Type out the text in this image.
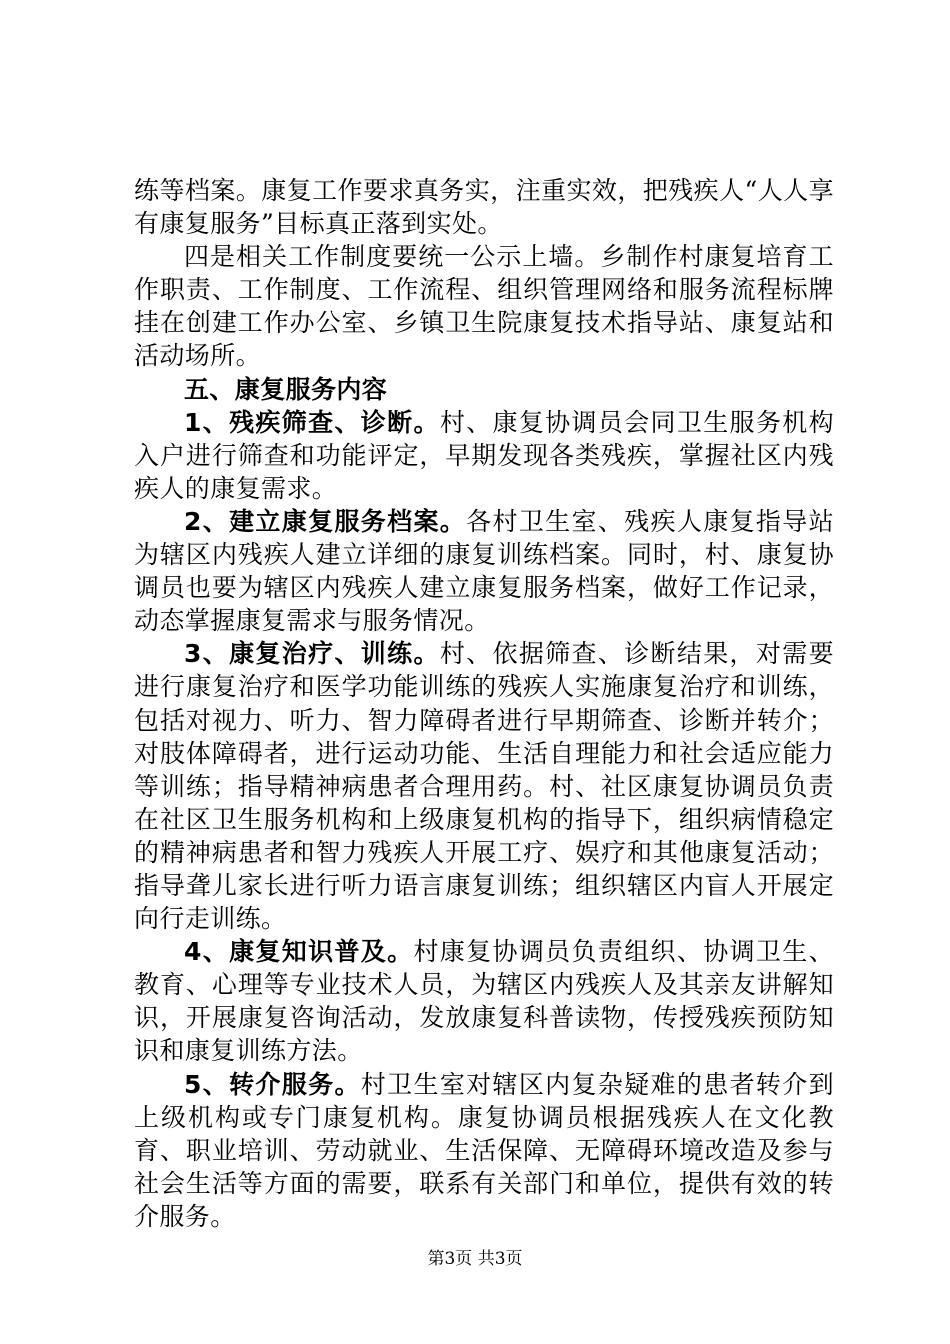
练等档案。康复工作要求真务实，注重实效，把残疾人“人人享有康复服务”目标真正落到实处。

四是相关工作制度要统一公示上墙。乡制作村康复培育工作职责、工作制度、工作流程、组织管理网络和服务流程标牌挂在创建工作办公室、乡镇卫生院康复技术指导站、康复站和活动场所。

五、康复服务内容

1、残疾筛查、诊断。村、康复协调员会同卫生服务机构入户进行筛查和功能评定，早期发现各类残疾，掌握社区内残疾人的康复需求。

2、建立康复服务档案。各村卫生室、残疾人康复指导站为辖区内残疾人建立详细的康复训练档案。同时，村、康复协调员也要为辖区内残疾人建立康复服务档案，做好工作记录，动态掌握康复需求与服务情况。

3、康复治疗、训练。村、依据筛查、诊断结果，对需要进行康复治疗和医学功能训练的残疾人实施康复治疗和训练，包括对视力、听力、智力障碍者进行早期筛查、诊断并转介；对肢体障碍者，进行运动功能、生活自理能力和社会适应能力等训练；指导精神病患者合理用药。村、社区康复协调员负责在社区卫生服务机构和上级康复机构的指导下，组织病情稳定的精神病患者和智力残疾人开展工疗、娱疗和其他康复活动；指导聋儿家长进行听力语言康复训练；组织辖区内盲人开展定向行走训练。

4、康复知识普及。村康复协调员负责组织、协调卫生、教育、心理等专业技术人员，为辖区内残疾人及其亲友讲解知识，开展康复咨询活动，发放康复科普读物，传授残疾预防知识和康复训练方法。

5、转介服务。村卫生室对辖区内复杂疑难的患者转介到上级机构或专门康复机构。康复协调员根据残疾人在文化教育、职业培训、劳动就业、生活保障、无障碍环境改造及参与社会生活等方面的需要，联系有关部门和单位，提供有效的转介服务。

第3页 共3页
